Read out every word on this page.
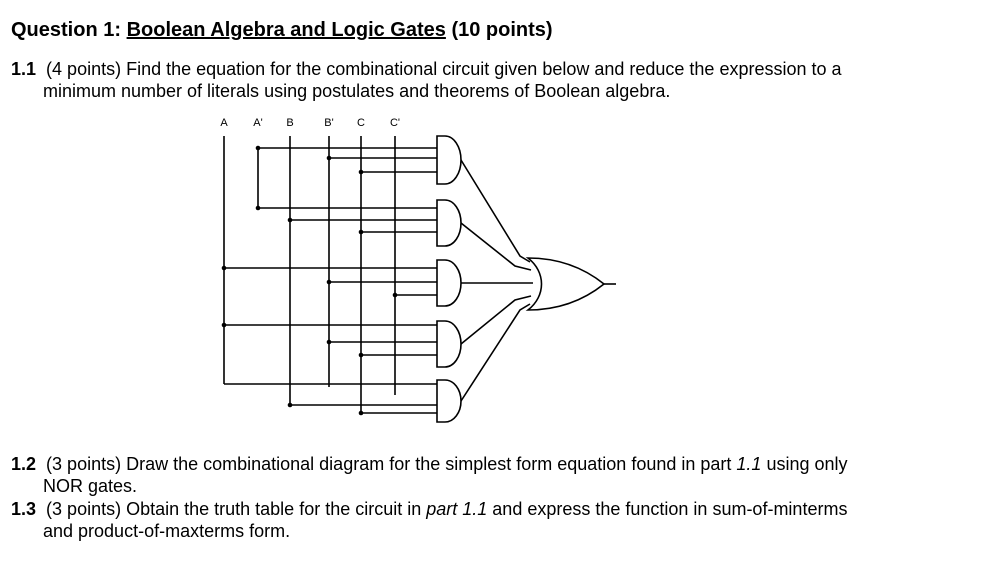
Question 1: Boolean Algebra and Logic Gates (10 points)
1.1 (4 points) Find the equation for the combinational circuit given below and reduce the expression to a
minimum number of literals using postulates and theorems of Boolean algebra.
A A' B	B' C C'
1.2 (3 points) Draw the combinational diagram for the simplest form equation found in part 1.1 using only
NOR gates.
1.3 (3 points) Obtain the truth table for the circuit in part 1.1 and express the function in sum-of-minterms
and product-of-maxterms form.
